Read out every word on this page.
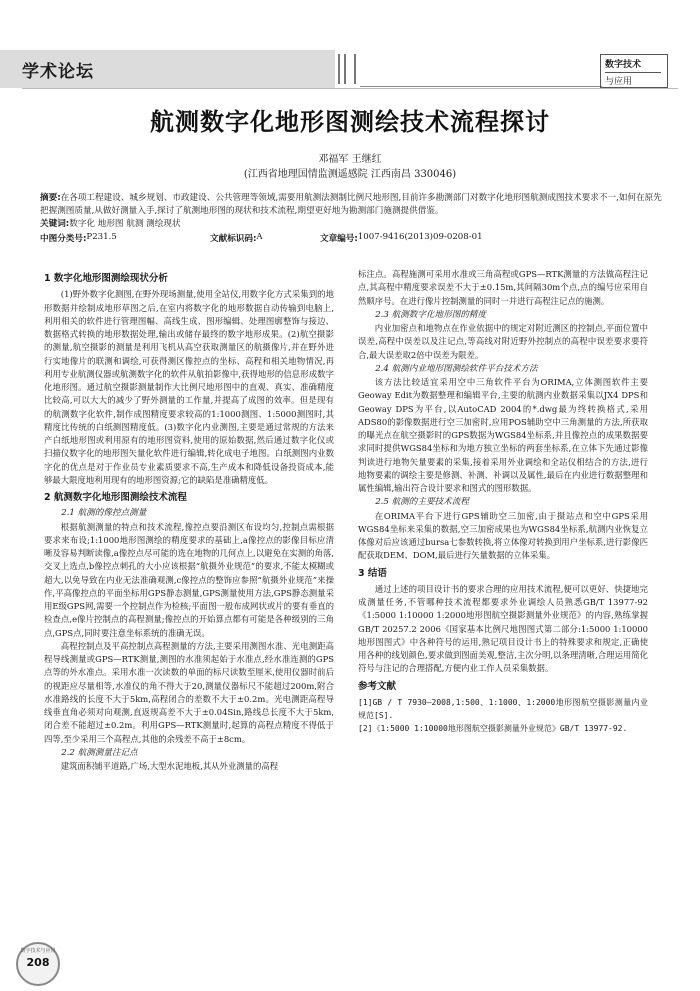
学术论坛	数字技术
与应用
航测数字化地形图测绘技术流程探讨
邓福军 王继红
(江西省地理国情监测遥感院 江西南昌 330046)
摘要:在各项工程建设、城乡规划、市政建设、公共管理等领域,需要用航测法测制比例尺地形图,目前许多勘测部门对数字化地形图航测成图技术要求不一,如何在原先把握测图质量,从做好测量入手,探讨了航测地形图的现状和技术流程,期望更好地为勘测部门施测提供借鉴。
关键词:数字化 地形图 航测 测绘现状
中图分类号: P231.5	文献标识码: A	文章编号: 1007-9416(2013)09-0208-01
1 数字化地形图测绘现状分析

(1)野外数字化测图,在野外现场测量,使用全站仪,用数字化方式采集到的地形数据并绘制成地形草图之后,在室内将数字化的地形数据自动传输到电脑上,利用相关的软件进行管理图幅、高线生成、图形编辑、处理图廓整饰与接边、数据格式转换的地形数据处理,输出或储存最终的数字地形成果。(2)航空摄影的测量,航空摄影的测量是利用飞机从高空获取测量区的航摄像片,并在野外进行实地像片的联测和调绘,可获得测区像控点的坐标、高程和相关地物情况,再利用专业航测仪器或航测数字化的软件从航拍影像中,获得地形的信息形成数字化地形图。通过航空摄影测量制作大比例尺地形图中的直观、真实、准确精度比较高,可以大大的减少了野外测量的工作量,并提高了成图的效率。但是现有的航测数字化软件,制作成图精度要求较高的1:1000测图、1:5000测图时,其精度比传统的白纸测图精度低。(3)数字化内业测图,主要是通过常规的方法来产白纸地形图或利用原有的地形图资料,使用的原始数据,然后通过数字化仪或扫描仪数字化的地形图矢量化软件进行编辑,转化成电子地图。白纸测图内业数字化的优点是对于作业员专业素质要求不高,生产成本和降低设备投资成本,能够最大限度地利用现有的地形图资源;它的缺陷是准确精度低。

2 航测数字化地形图测绘技术流程
2.1 航测的像控点测量

根据航测测量的特点和技术流程,像控点要沿测区布设均匀,控制点需根据要求来布设;1:1000地形图测绘的精度要求的基础上,a像控点的影像目标应清晰及容易判断读像,a像控点尽可能的选在地物的几何点上,以避免在实测的角落,交叉上选点,b像控点刺孔的大小应该根据“航摄外业规范”的要求,不能太模糊或超大,以免导致在内业无法准确观测,c像控点的整饰应参照“航摄外业规范”来操作,平高像控点的平面坐标用GPS静态测量,GPS测量使用方法,GPS静态测量采用E级GPS网,需要一个控制点作为检核;平面图一般布成网状或片的要有垂直的检查点,e像片控制点的高程测量;像控点的开始算点都有可能是各种级别的三角点,GPS点,同时要注意坐标系统的准确无误。

高程控制点及平高控制点高程测量的方法,主要采用测图水准、光电测距高程导线测量或GPS—RTK测量,测图的水准须起始于水准点,经水准连测的GPS点等的外水准点。采用水准一次读数的单面的标尺读数至厘米,使用仪器时前后的视距应尽量相等,水准仪的角不得大于20,测量仪器标尺不能超过200m,附合水准路线的长度不大于5km,高程闭合的差数不大于±0.2m。光电测距高程导线垂直角必须对向观测,直返规高差不大于±0.04Sin,路线总长度不大于5km,闭合差不能超过±0.2m。利用GPS—RTK测量时,起算的高程点精度不得低于四等,至少采用三个高程点,其他的余残差不高于±8cm。

2.2 航测测量注记点

建筑面积铺平道路,广场,大型水泥地板,其从外业测量的高程

标注点。高程施测可采用水准或三角高程或GPS—RTK测量的方法做高程注记点,其高程中精度要求误差不大于±0.15m,其间隔30m个点,点的编号应采用自然顺序号。在进行像片控制测量的同时一并进行高程注记点的施测。

2.3 航测数字化地形图的精度

内业加密点和地物点在作业依据中的规定对附近测区的控制点,平面位置中误差,高程中误差以及注记点,等高线对附近野外控制点的高程中误差要求要符合,最大误差取2倍中误差为限差。

2.4 航测内业地形图测绘软件平台技术方法

该方法比较适宜采用空中三角软件平台为ORIMA,立体测图软件主要Geoway Edit为数据整理和编辑平台,主要的航测内业数据采集以JX4 DPS和Geoway DPS为平台,以AutoCAD 2004的*.dwg最为终转换格式,采用ADS80的影像数据进行空三加密时,应用POS辅助空中三角测量的方法,所获取的曝光点在航空摄影时的GPS数据为WGS84坐标系,并且像控点的成果数据要求同时提供WGS84坐标和为地方独立坐标的两套坐标系,在立体下先通过影像判读进行地物矢量要素的采集,接着采用外业调绘和全站仪相结合的方法,进行地物要素的调绘主要是修测、补测、补调以及属性,最后在内业进行数据整理和属性编辑,输出符合设计要求和图式的图形数据。

2.5 航测的主要技术流程

在ORIMA平台下进行GPS辅助空三加密,由于摄站点和空中GPS采用WGS84坐标来采集的数据,空三加密成果也为WGS84坐标系,航测内业恢复立体像对后应该通过bursa七参数转换,将立体像对转换到用户坐标系,进行影像匹配获取DEM、DOM,最后进行矢量数据的立体采集。

3 结语

通过上述的项目设计书的要求合理的应用技术流程,便可以更好、快捷地完成测量任务,不管哪种技术流程都要求外业调绘人员熟悉GB/T 13977-92《1:5000 1:10000 1:2000地形图航空摄影测量外业规范》的内容,熟练掌握GB/T 20257.2 2006《国家基本比例尺地图图式第二部分:1:5000 1:10000地形图图式》中各种符号的运用,熟记项目设计书上的特殊要求和规定,正确使用各种的线划颜色,要求做到图面美观,整洁,主次分明,以条理清晰,合理运用简化符号与注记的合理搭配,方便内业工作人员采集数据。

参考文献

[1]GB / T 7930—2008,1:500、1:1000、1:2000地形图航空摄影测量内业规范[S].

[2]《1:5000 1:10000地形图航空摄影测量外业规范》GB/T 13977-92.

数字技术与应用
208
